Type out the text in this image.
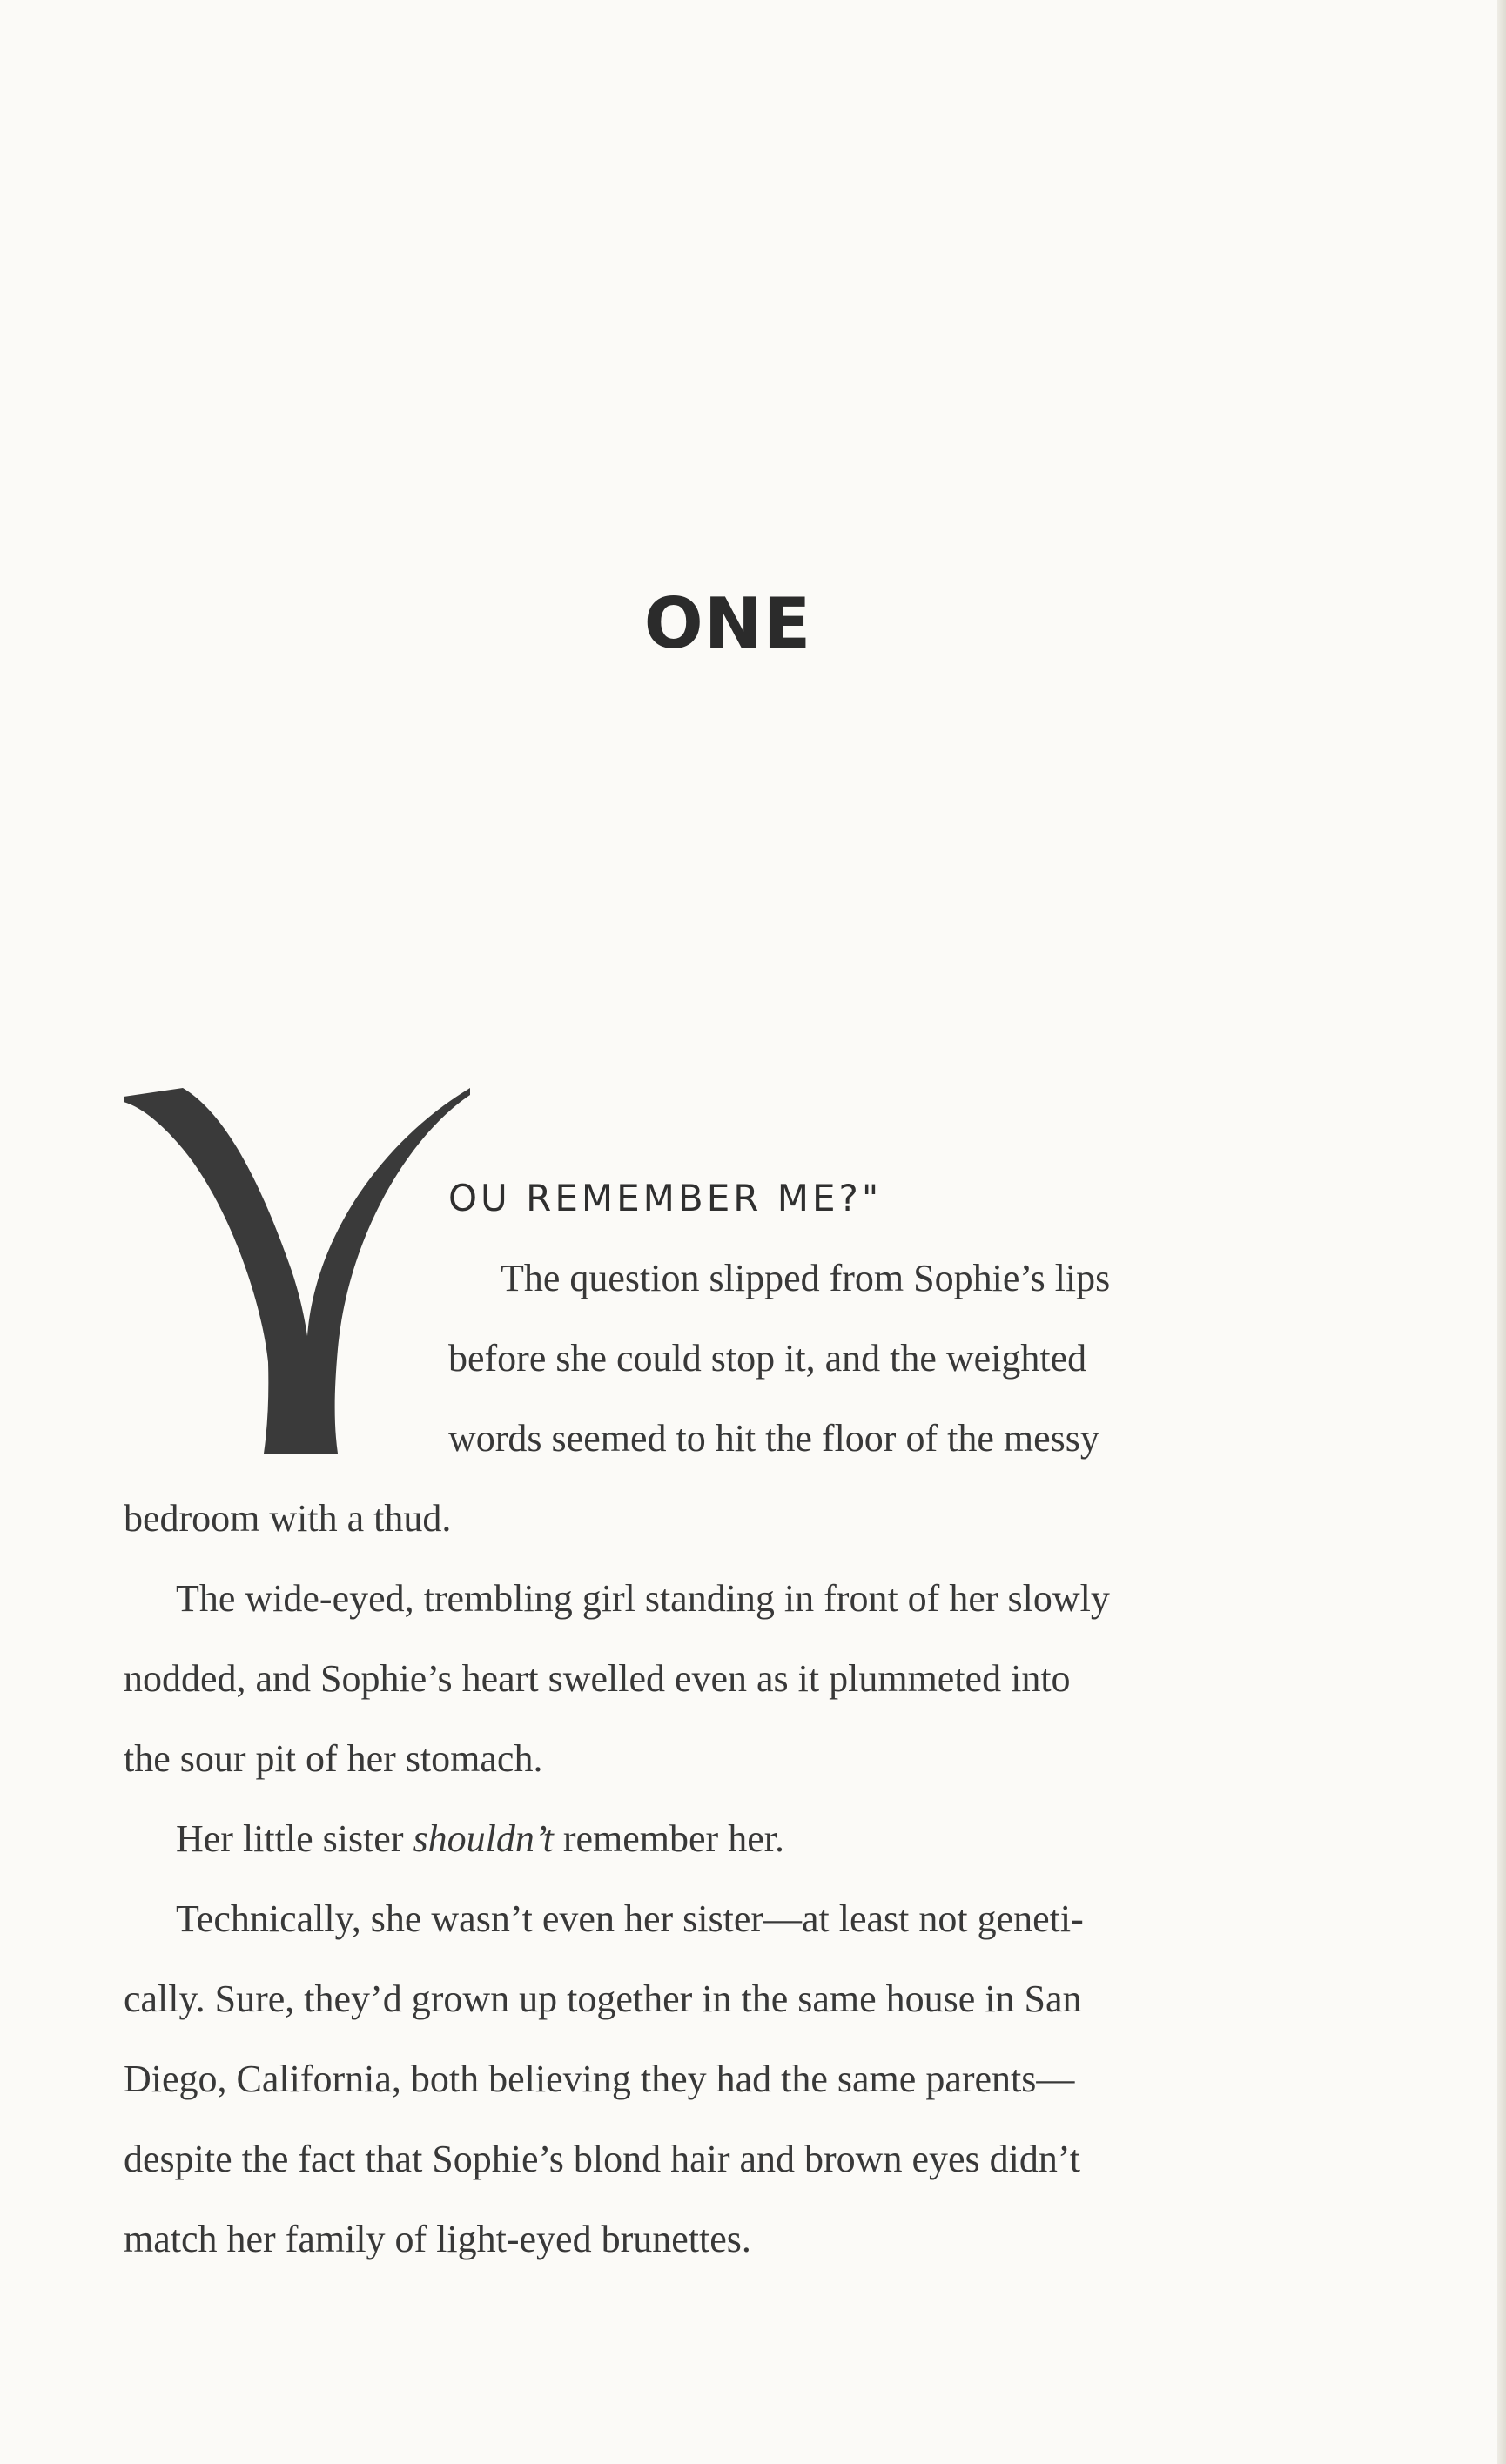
ONE

OU REMEMBER ME?"

The question slipped from Sophie’s lips

before she could stop it, and the weighted

words seemed to hit the floor of the messy

bedroom with a thud.

The wide-eyed, trembling girl standing in front of her slowly

nodded, and Sophie’s heart swelled even as it plummeted into

the sour pit of her stomach.

Her little sister shouldn’t remember her.

Technically, she wasn’t even her sister—at least not geneti-

cally. Sure, they’d grown up together in the same house in San

Diego, California, both believing they had the same parents—

despite the fact that Sophie’s blond hair and brown eyes didn’t

match her family of light-eyed brunettes.
